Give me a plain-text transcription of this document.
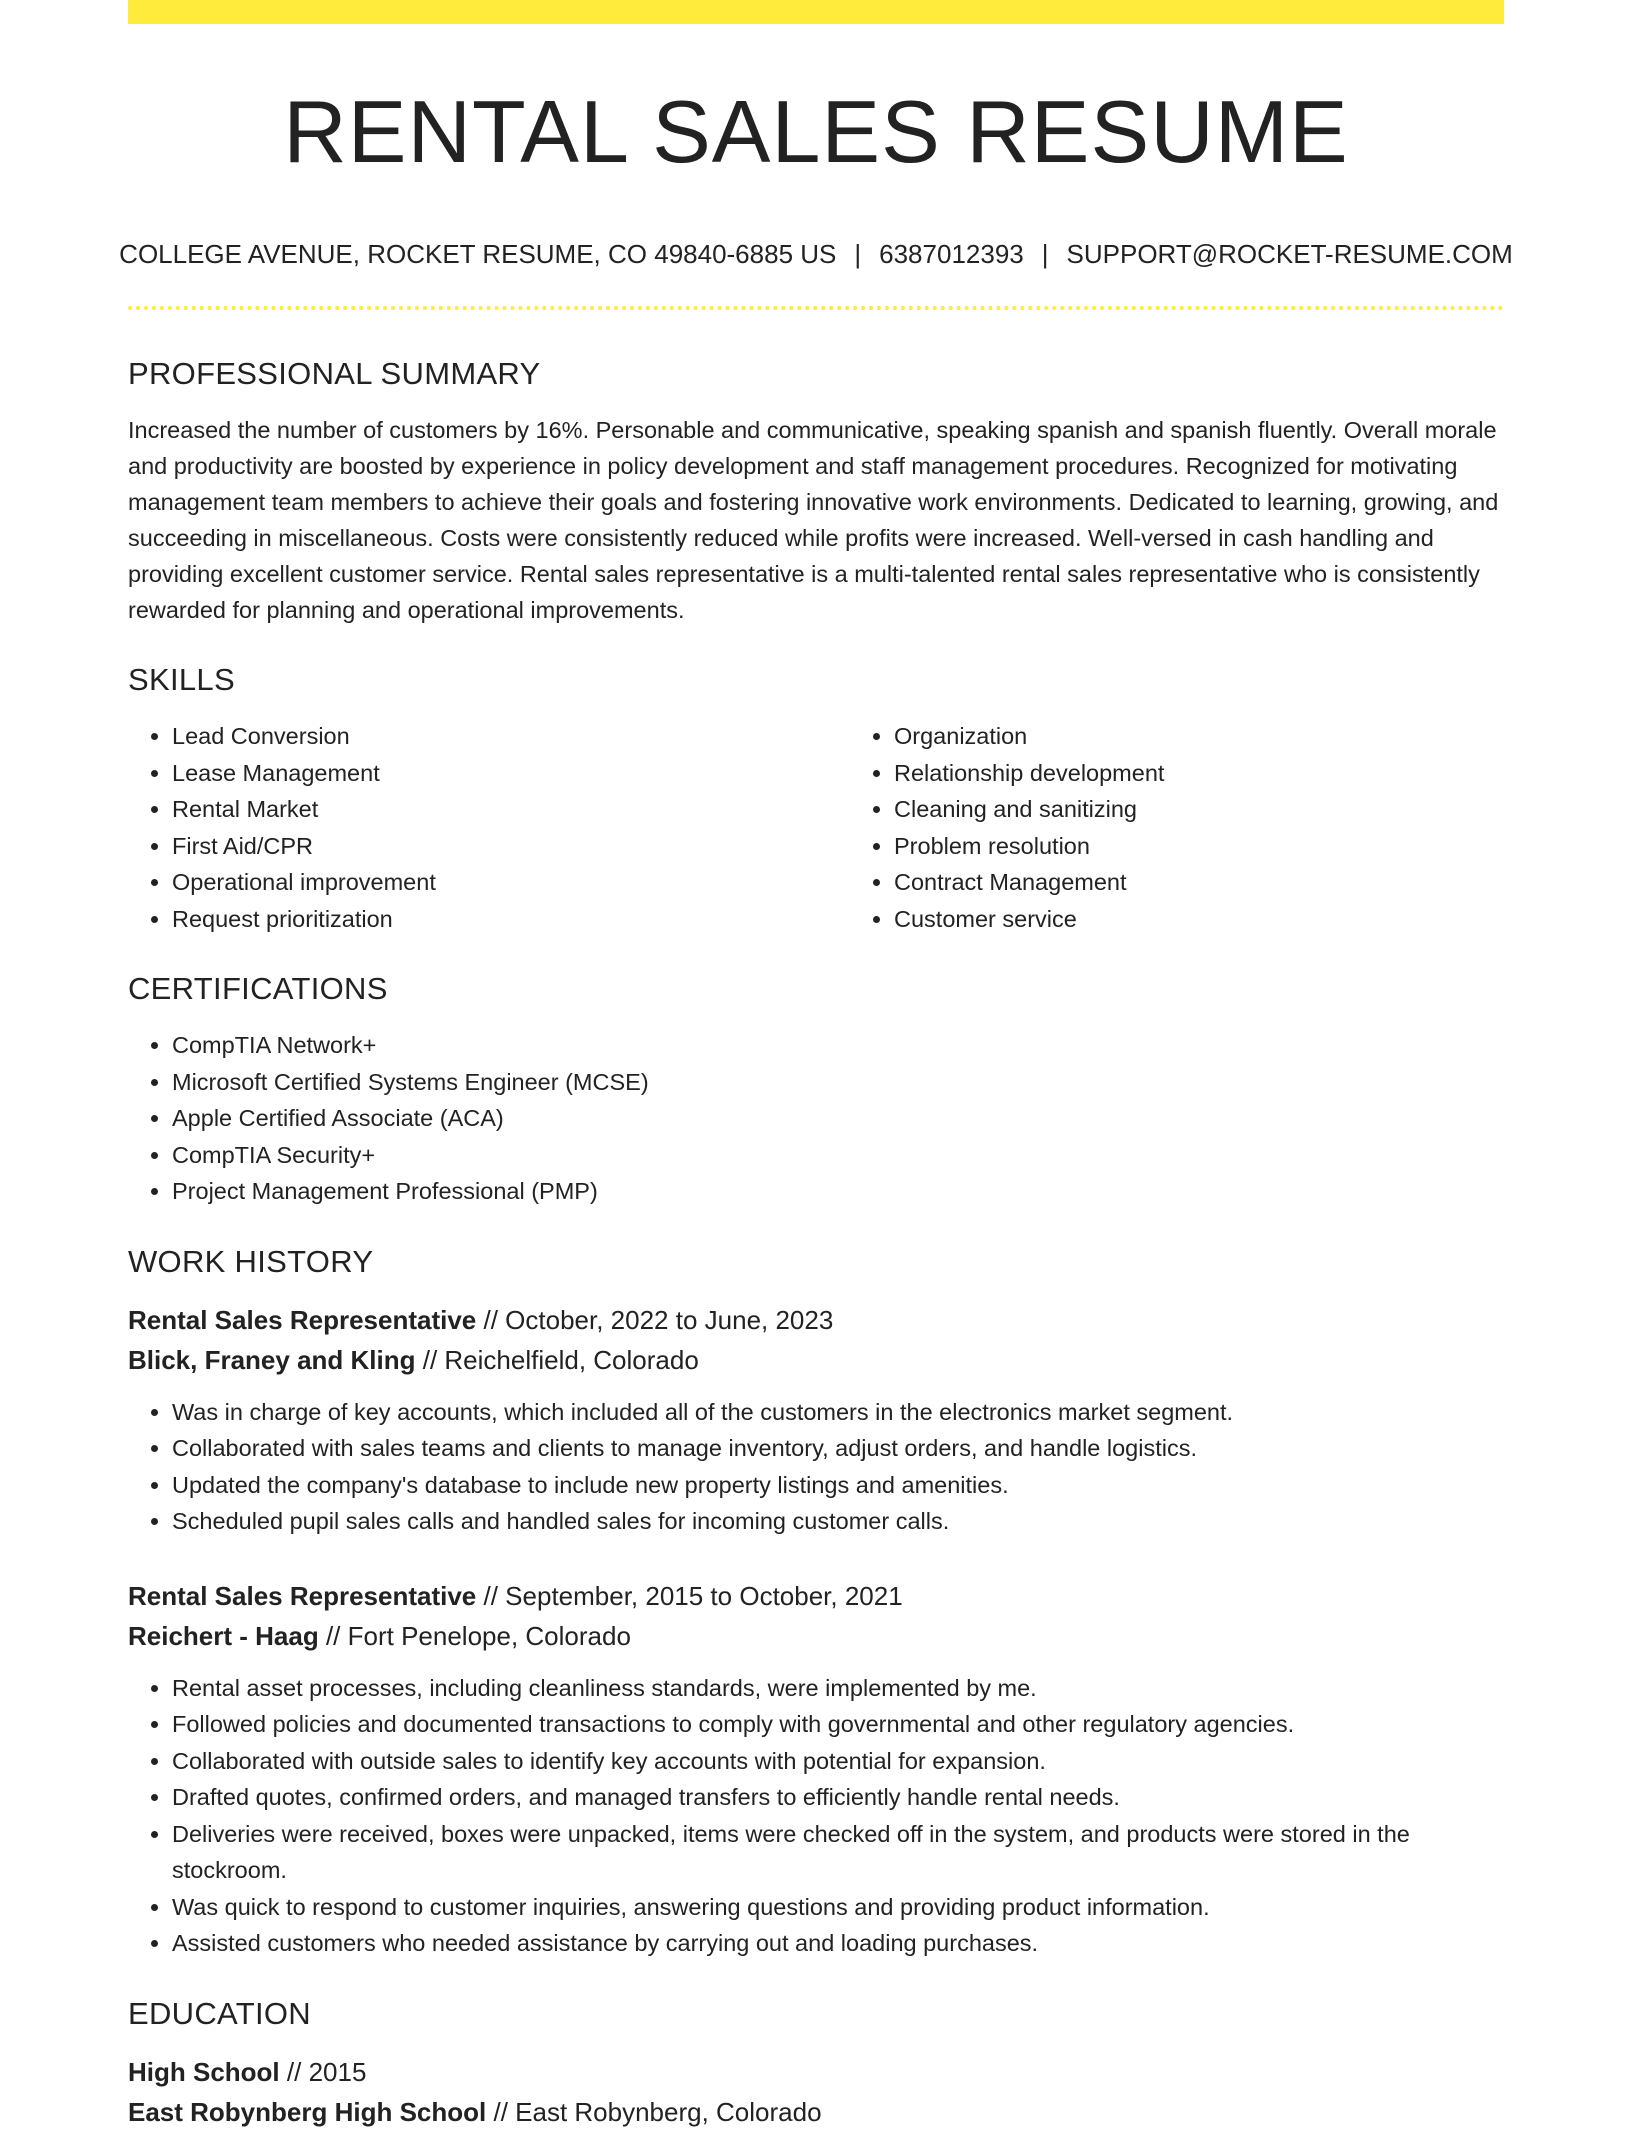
RENTAL SALES RESUME
COLLEGE AVENUE, ROCKET RESUME, CO 49840-6885 US | 6387012393 | SUPPORT@ROCKET-RESUME.COM
PROFESSIONAL SUMMARY

Increased the number of customers by 16%. Personable and communicative, speaking spanish and spanish fluently. Overall morale and productivity are boosted by experience in policy development and staff management procedures. Recognized for motivating management team members to achieve their goals and fostering innovative work environments. Dedicated to learning, growing, and succeeding in miscellaneous. Costs were consistently reduced while profits were increased. Well-versed in cash handling and providing excellent customer service. Rental sales representative is a multi-talented rental sales representative who is consistently rewarded for planning and operational improvements.

SKILLS
• Lead Conversion
• Lease Management
• Rental Market
• First Aid/CPR
• Operational improvement
• Request prioritization
• Organization
• Relationship development
• Cleaning and sanitizing
• Problem resolution
• Contract Management
• Customer service
CERTIFICATIONS
• CompTIA Network+
• Microsoft Certified Systems Engineer (MCSE)
• Apple Certified Associate (ACA)
• CompTIA Security+
• Project Management Professional (PMP)
WORK HISTORY
Rental Sales Representative // October, 2022 to June, 2023
Blick, Franey and Kling // Reichelfield, Colorado
• Was in charge of key accounts, which included all of the customers in the electronics market segment.
• Collaborated with sales teams and clients to manage inventory, adjust orders, and handle logistics.
• Updated the company's database to include new property listings and amenities.
• Scheduled pupil sales calls and handled sales for incoming customer calls.
Rental Sales Representative // September, 2015 to October, 2021
Reichert - Haag // Fort Penelope, Colorado
• Rental asset processes, including cleanliness standards, were implemented by me.
• Followed policies and documented transactions to comply with governmental and other regulatory agencies.
• Collaborated with outside sales to identify key accounts with potential for expansion.
• Drafted quotes, confirmed orders, and managed transfers to efficiently handle rental needs.
• Deliveries were received, boxes were unpacked, items were checked off in the system, and products were stored in the stockroom.
• Was quick to respond to customer inquiries, answering questions and providing product information.
• Assisted customers who needed assistance by carrying out and loading purchases.
EDUCATION
High School // 2015
East Robynberg High School // East Robynberg, Colorado
